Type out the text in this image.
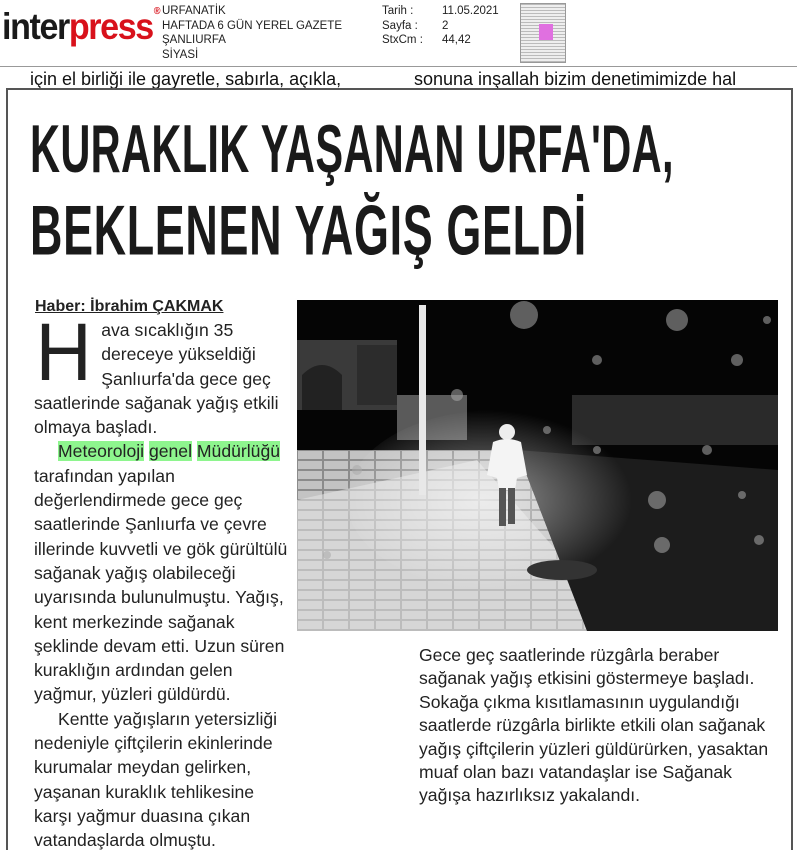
interpress® URFANATİK
HAFTADA 6 GÜN YEREL GAZETE
ŞANLIURFA
SİYASİ
Tarih :	11.05.2021
Sayfa :	2
StxCm :	44,42
için el birliği ile gayretle, sabırla, açıkla,	sonuna inşallah bizim denetimimizde hal
KURAKLIK YAŞANAN URFA'DA,
BEKLENEN YAĞIŞ GELDİ
Haber: İbrahim ÇAKMAK

Hava sıcaklığın 35 dereceye yükseldiği Şanlıurfa'da gece geç saatlerinde sağanak yağış etkili olmaya başladı.

Meteoroloji genel Müdürlüğü tarafından yapılan değerlendirmede gece geç saatlerinde Şanlıurfa ve çevre illerinde kuvvetli ve gök gürültülü sağanak yağış olabileceği uyarısında bulunulmuştu. Yağış, kent merkezinde sağanak şeklinde devam etti. Uzun süren kuraklığın ardından gelen yağmur, yüzleri güldürdü.

Kentte yağışların yetersizliği nedeniyle çiftçilerin ekinlerinde kurumalar meydan gelirken, yaşanan kuraklık tehlikesine karşı yağmur duasına çıkan vatandaşlarda olmuştu.

Gece geç saatlerinde rüzgârla beraber sağanak yağış etkisini göstermeye başladı. Sokağa çıkma kısıtlamasının uygulandığı saatlerde rüzgârla birlikte etkili olan sağanak yağış çiftçilerin yüzleri güldürürken, yasaktan muaf olan bazı vatandaşlar ise Sağanak yağışa hazırlıksız yakalandı.
